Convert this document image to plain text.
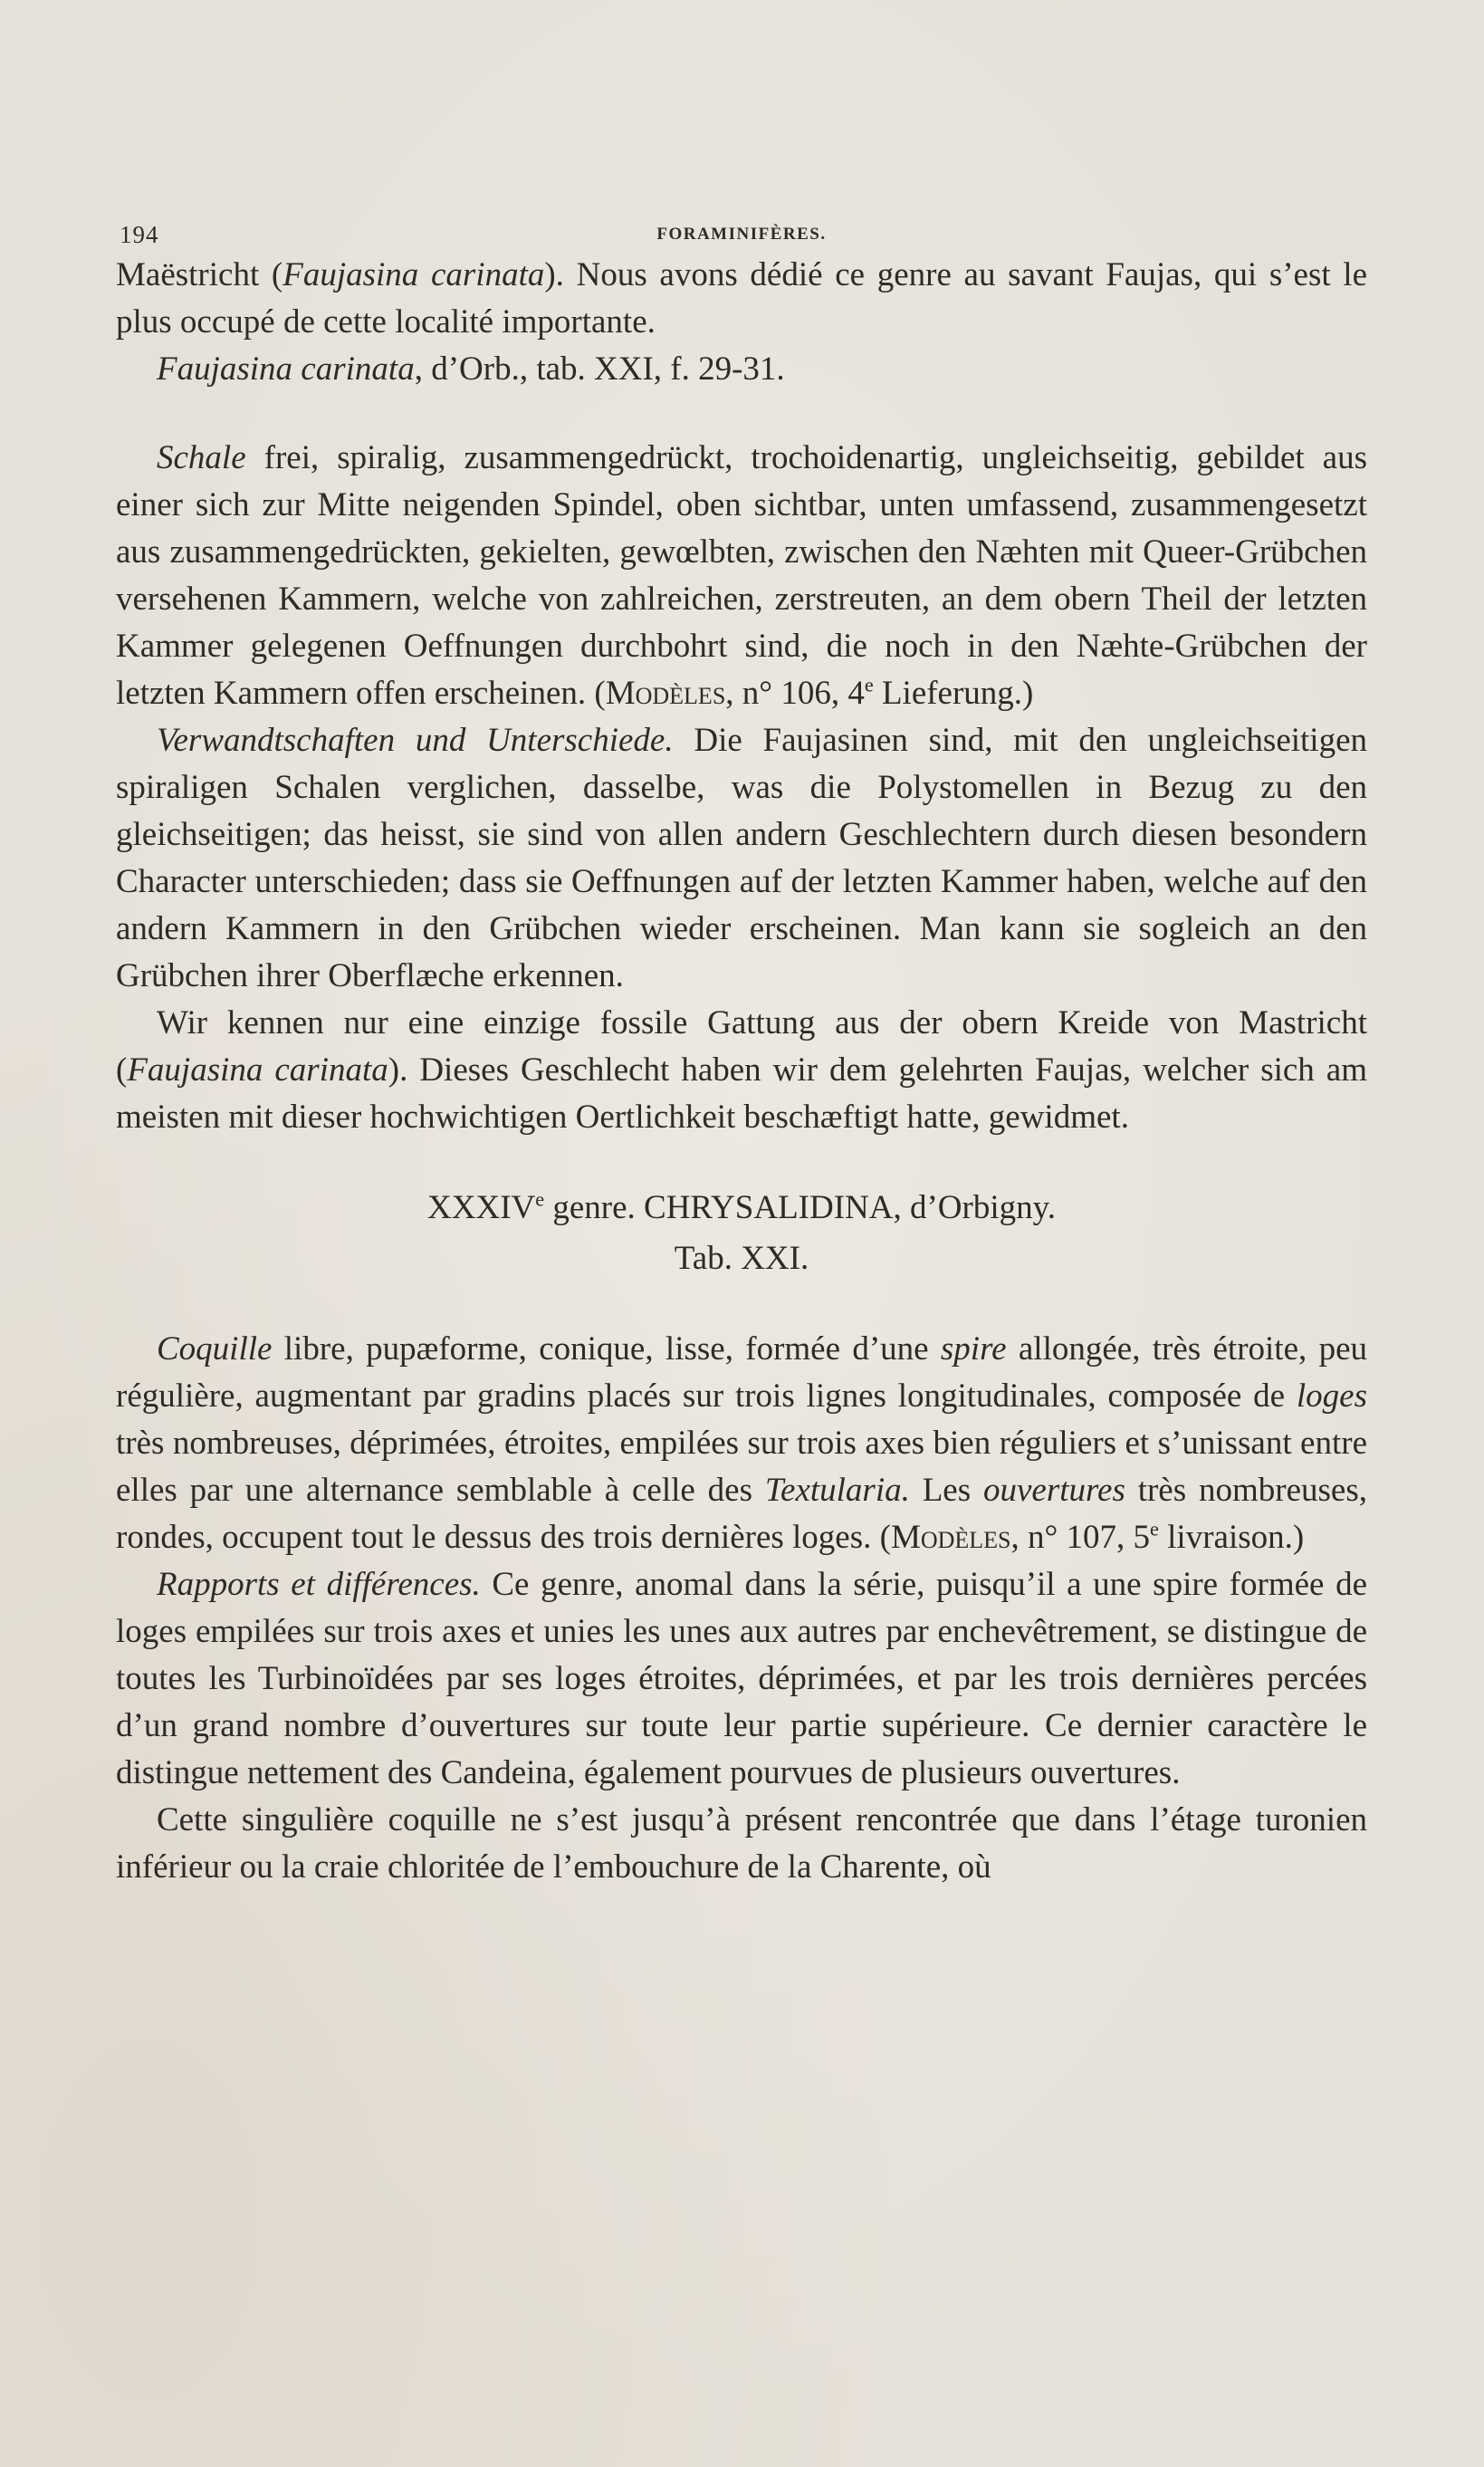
194	FORAMINIFÈRES.

Maëstricht (Faujasina carinata). Nous avons dédié ce genre au savant Faujas, qui s’est le plus occupé de cette localité importante.

Faujasina carinata, d’Orb., tab. XXI, f. 29-31.

Schale frei, spiralig, zusammengedrückt, trochoidenartig, ungleichseitig, gebildet aus einer sich zur Mitte neigenden Spindel, oben sichtbar, unten umfassend, zusammengesetzt aus zusammengedrückten, gekielten, gewœlbten, zwischen den Næhten mit Queer-Grübchen versehenen Kammern, welche von zahlreichen, zerstreuten, an dem obern Theil der letzten Kammer gelegenen Oeffnungen durchbohrt sind, die noch in den Næhte-Grübchen der letzten Kammern offen erscheinen. (Modèles, n° 106, 4e Lieferung.)

Verwandtschaften und Unterschiede. Die Faujasinen sind, mit den ungleichseitigen spiraligen Schalen verglichen, dasselbe, was die Polystomellen in Bezug zu den gleichseitigen; das heisst, sie sind von allen andern Geschlechtern durch diesen besondern Character unterschieden; dass sie Oeffnungen auf der letzten Kammer haben, welche auf den andern Kammern in den Grübchen wieder erscheinen. Man kann sie sogleich an den Grübchen ihrer Oberflæche erkennen.

Wir kennen nur eine einzige fossile Gattung aus der obern Kreide von Mastricht (Faujasina carinata). Dieses Geschlecht haben wir dem gelehrten Faujas, welcher sich am meisten mit dieser hochwichtigen Oertlichkeit beschæftigt hatte, gewidmet.

XXXIVe genre. CHRYSALIDINA, d’Orbigny.

Tab. XXI.

Coquille libre, pupæforme, conique, lisse, formée d’une spire allongée, très étroite, peu régulière, augmentant par gradins placés sur trois lignes longitudinales, composée de loges très nombreuses, déprimées, étroites, empilées sur trois axes bien réguliers et s’unissant entre elles par une alternance semblable à celle des Textularia. Les ouvertures très nombreuses, rondes, occupent tout le dessus des trois dernières loges. (Modèles, n° 107, 5e livraison.)

Rapports et différences. Ce genre, anomal dans la série, puisqu’il a une spire formée de loges empilées sur trois axes et unies les unes aux autres par enchevêtrement, se distingue de toutes les Turbinoïdées par ses loges étroites, déprimées, et par les trois dernières percées d’un grand nombre d’ouvertures sur toute leur partie supérieure. Ce dernier caractère le distingue nettement des Candeina, également pourvues de plusieurs ouvertures.

Cette singulière coquille ne s’est jusqu’à présent rencontrée que dans l’étage turonien inférieur ou la craie chloritée de l’embouchure de la Charente, où
